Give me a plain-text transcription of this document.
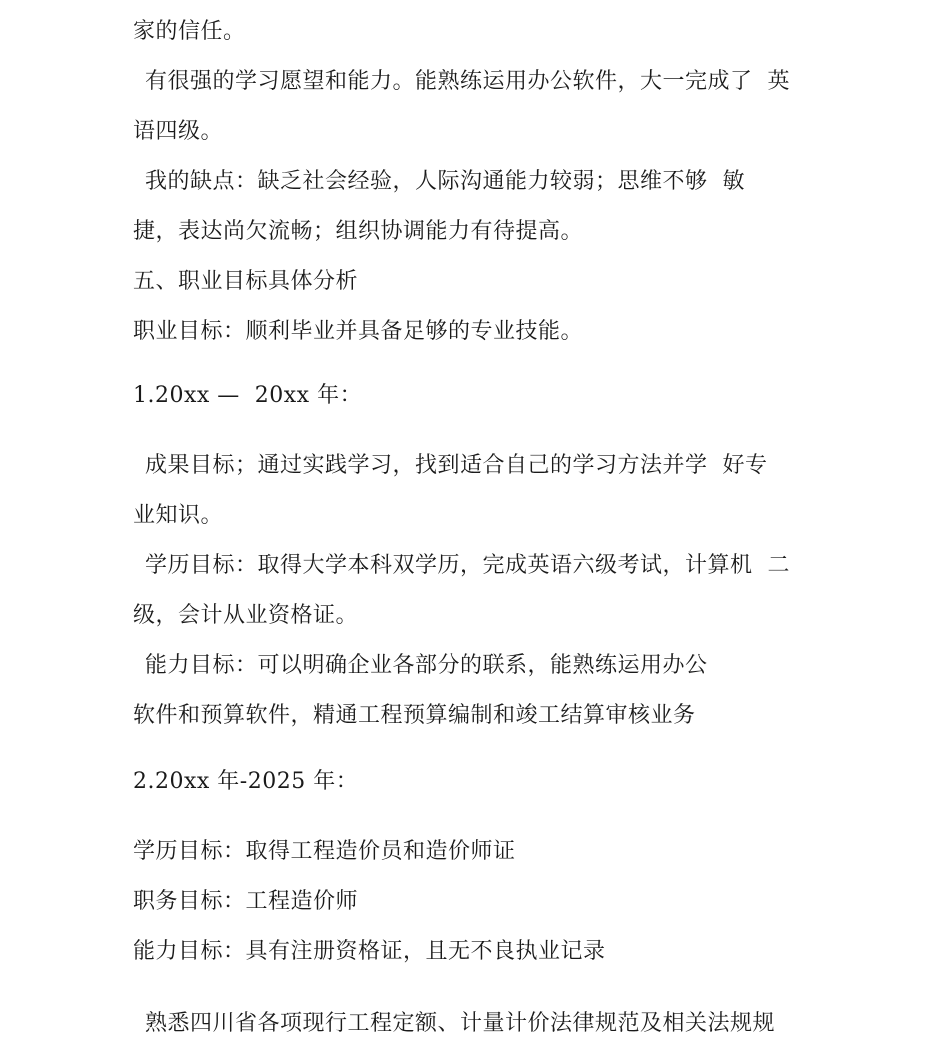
家的信任。
有很强的学习愿望和能力。能熟练运用办公软件，大一完成了  英
语四级。
我的缺点：缺乏社会经验，人际沟通能力较弱；思维不够  敏
捷，表达尚欠流畅；组织协调能力有待提高。
五、职业目标具体分析
职业目标：顺利毕业并具备足够的专业技能。
1.20xx —  20xx 年：
成果目标；通过实践学习，找到适合自己的学习方法并学  好专
业知识。
学历目标：取得大学本科双学历，完成英语六级考试，计算机  二
级，会计从业资格证。
能力目标：可以明确企业各部分的联系，能熟练运用办公
软件和预算软件，精通工程预算编制和竣工结算审核业务
2.20xx 年-2025 年：
学历目标：取得工程造价员和造价师证
职务目标：工程造价师
能力目标：具有注册资格证，且无不良执业记录
熟悉四川省各项现行工程定额、计量计价法律规范及相关法规规
